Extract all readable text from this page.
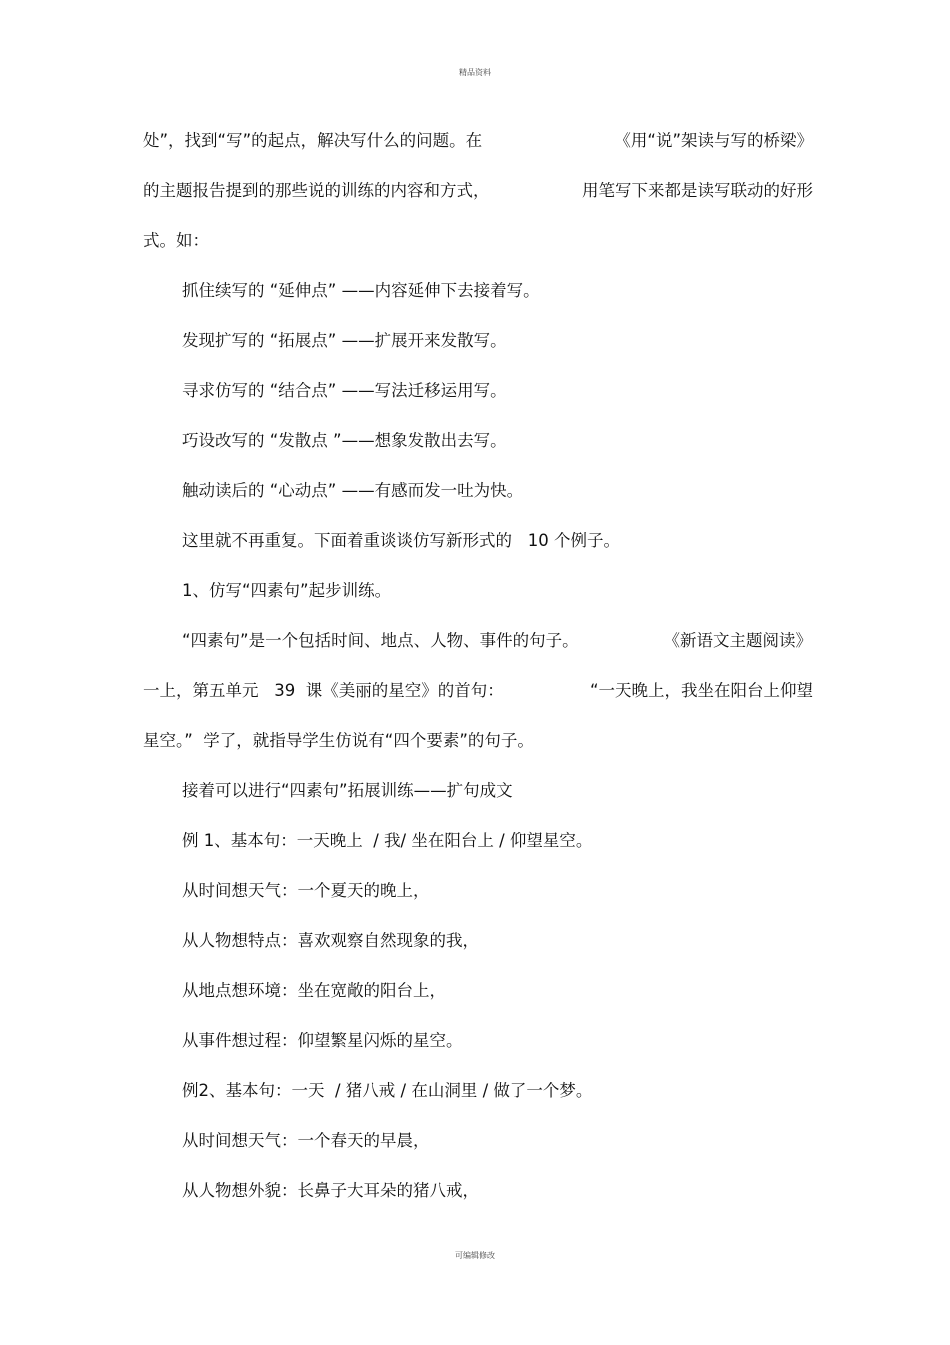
精品资料
处”，找到“写”的起点，解决写什么的问题。在	《用“说”架读与写的桥梁》
的主题报告提到的那些说的训练的内容和方式，	用笔写下来都是读写联动的好形
式。如：
抓住续写的 “延伸点” ——内容延伸下去接着写。
发现扩写的 “拓展点” ——扩展开来发散写。
寻求仿写的 “结合点” ——写法迁移运用写。
巧设改写的 “发散点 ”——想象发散出去写。
触动读后的 “心动点” ——有感而发一吐为快。
这里就不再重复。下面着重谈谈仿写新形式的   10 个例子。
1、仿写“四素句”起步训练。
“四素句”是一个包括时间、地点、人物、事件的句子。	《新语文主题阅读》
一上，第五单元   39  课《美丽的星空》的首句：	“一天晚上，我坐在阳台上仰望
星空。”  学了，就指导学生仿说有“四个要素”的句子。
接着可以进行“四素句”拓展训练——扩句成文
例 1、基本句：一天晚上  / 我/ 坐在阳台上 / 仰望星空。
从时间想天气：一个夏天的晚上，
从人物想特点：喜欢观察自然现象的我，
从地点想环境：坐在宽敞的阳台上，
从事件想过程：仰望繁星闪烁的星空。
例2、基本句：一天  / 猪八戒 / 在山洞里 / 做了一个梦。
从时间想天气：一个春天的早晨，
从人物想外貌：长鼻子大耳朵的猪八戒，
可编辑修改
